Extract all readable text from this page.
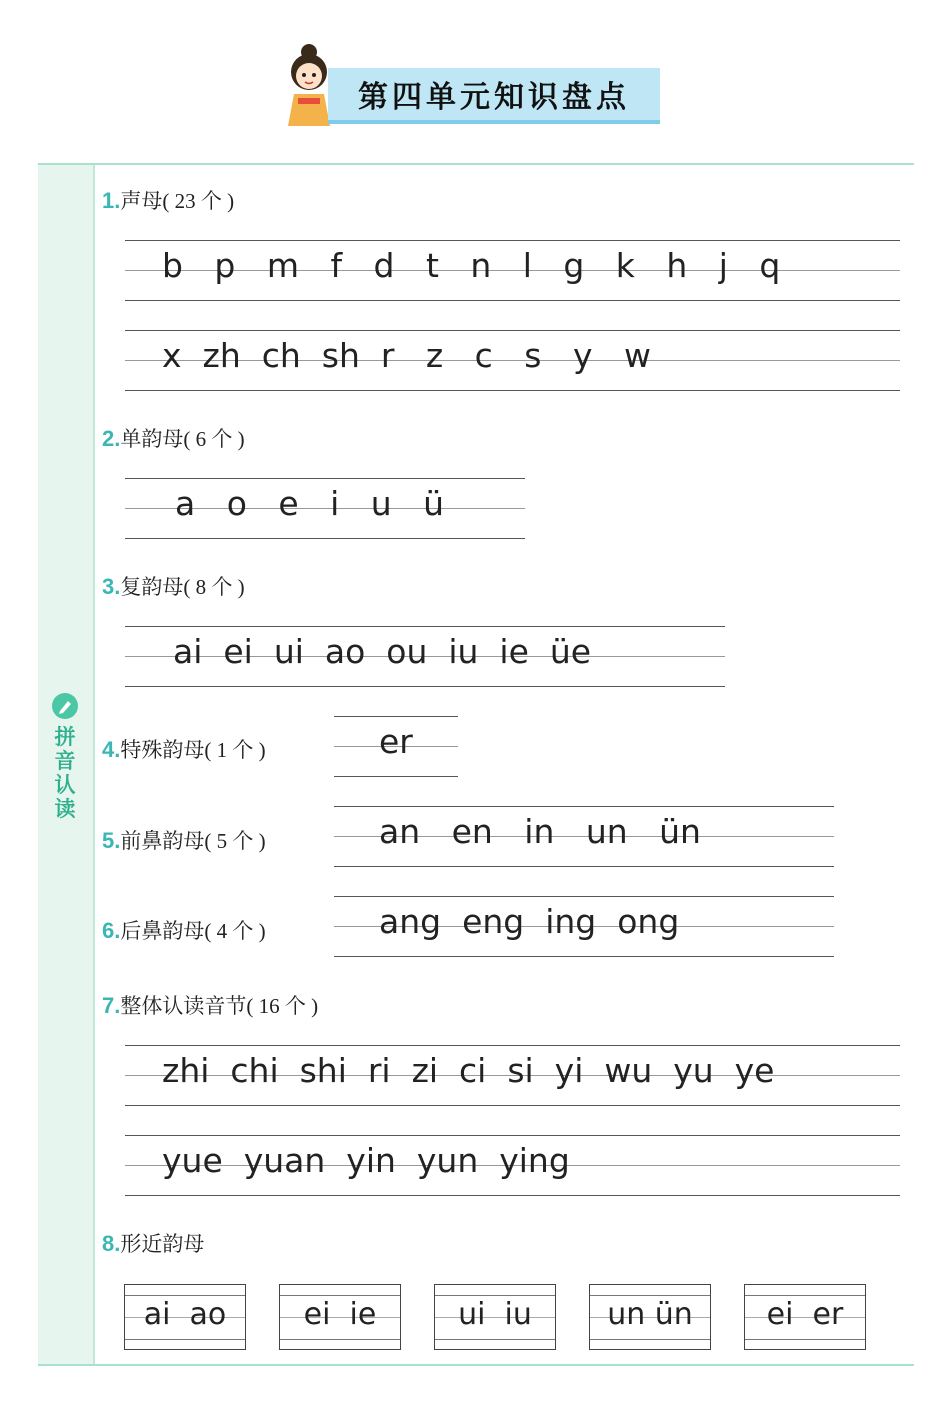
第四单元知识盘点
拼音认读
1.声母( 23 个 )
b   p   m   f   d   t   n   l   g   k   h   j   q
x  zh  ch  sh  r   z   c   s   y   w
2.单韵母( 6 个 )
a   o   e   i   u   ü
3.复韵母( 8 个 )
ai  ei  ui  ao  ou  iu  ie  üe
4.特殊韵母( 1 个 )	er
5.前鼻韵母( 5 个 )	an   en   in   un   ün
6.后鼻韵母( 4 个 )	ang  eng  ing  ong
7.整体认读音节( 16 个 )
zhi  chi  shi  ri  zi  ci  si  yi  wu  yu  ye
yue  yuan  yin  yun  ying
8.形近韵母
ai  ao	ei  ie	ui  iu	un ün	ei  er
